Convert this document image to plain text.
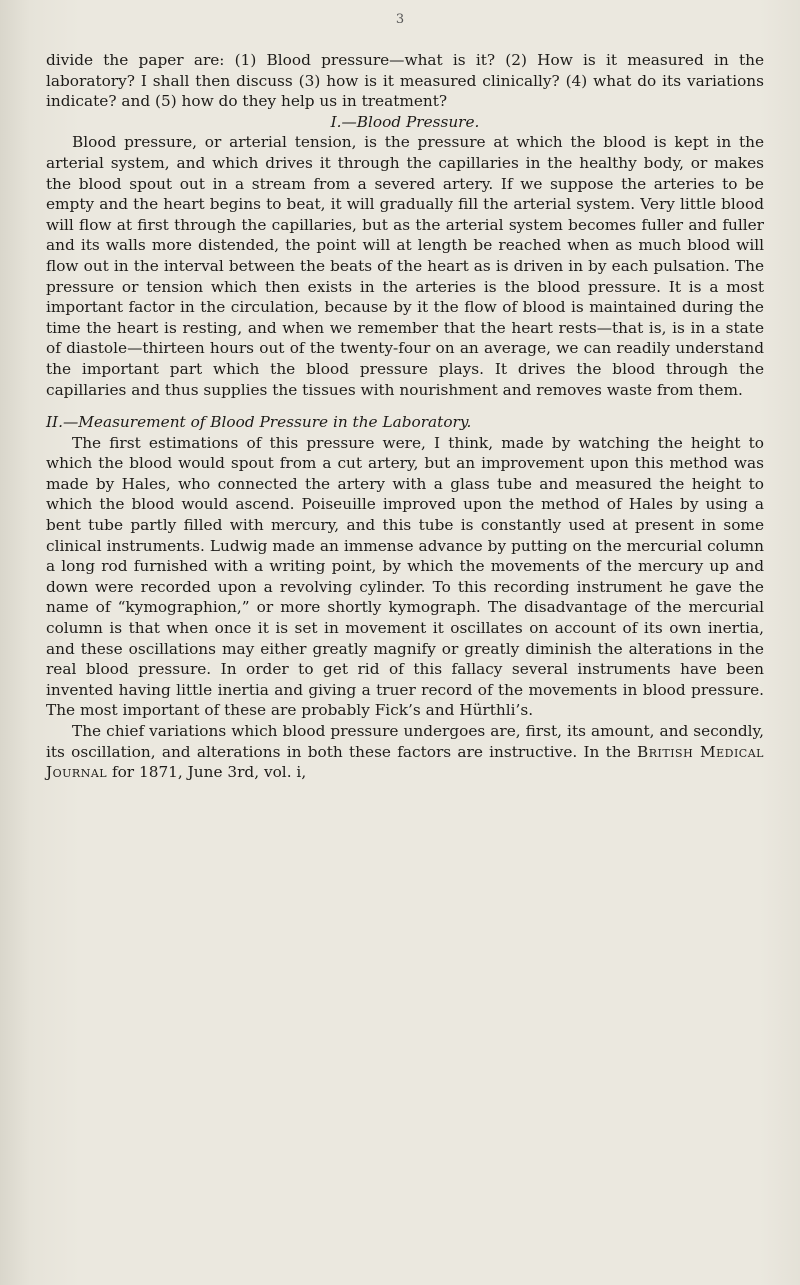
3

divide the paper are: (1) Blood pressure—what is it? (2) How is it measured in the laboratory? I shall then discuss (3) how is it measured clinically? (4) what do its variations indicate? and (5) how do they help us in treatment?

I.—Blood Pressure.

Blood pressure, or arterial tension, is the pressure at which the blood is kept in the arterial system, and which drives it through the capillaries in the healthy body, or makes the blood spout out in a stream from a severed artery. If we suppose the arteries to be empty and the heart begins to beat, it will gradually fill the arterial system. Very little blood will flow at first through the capillaries, but as the arterial system becomes fuller and fuller and its walls more distended, the point will at length be reached when as much blood will flow out in the interval between the beats of the heart as is driven in by each pulsation. The pressure or tension which then exists in the arteries is the blood pressure. It is a most important factor in the circulation, because by it the flow of blood is maintained during the time the heart is resting, and when we remember that the heart rests—that is, is in a state of diastole—thirteen hours out of the twenty-four on an average, we can readily understand the important part which the blood pressure plays. It drives the blood through the capillaries and thus supplies the tissues with nourishment and removes waste from them.

II.—Measurement of Blood Pressure in the Laboratory.

The first estimations of this pressure were, I think, made by watching the height to which the blood would spout from a cut artery, but an improvement upon this method was made by Hales, who connected the artery with a glass tube and measured the height to which the blood would ascend. Poiseuille improved upon the method of Hales by using a bent tube partly filled with mercury, and this tube is constantly used at present in some clinical instruments. Ludwig made an immense advance by putting on the mercurial column a long rod furnished with a writing point, by which the movements of the mercury up and down were recorded upon a revolving cylinder. To this recording instrument he gave the name of “kymographion,” or more shortly kymograph. The disadvantage of the mercurial column is that when once it is set in movement it oscillates on account of its own inertia, and these oscillations may either greatly magnify or greatly diminish the alterations in the real blood pressure. In order to get rid of this fallacy several instruments have been invented having little inertia and giving a truer record of the movements in blood pressure. The most important of these are probably Fick’s and Hürthli’s.

The chief variations which blood pressure undergoes are, first, its amount, and secondly, its oscillation, and alterations in both these factors are instructive. In the British Medical Journal for 1871, June 3rd, vol. i,
